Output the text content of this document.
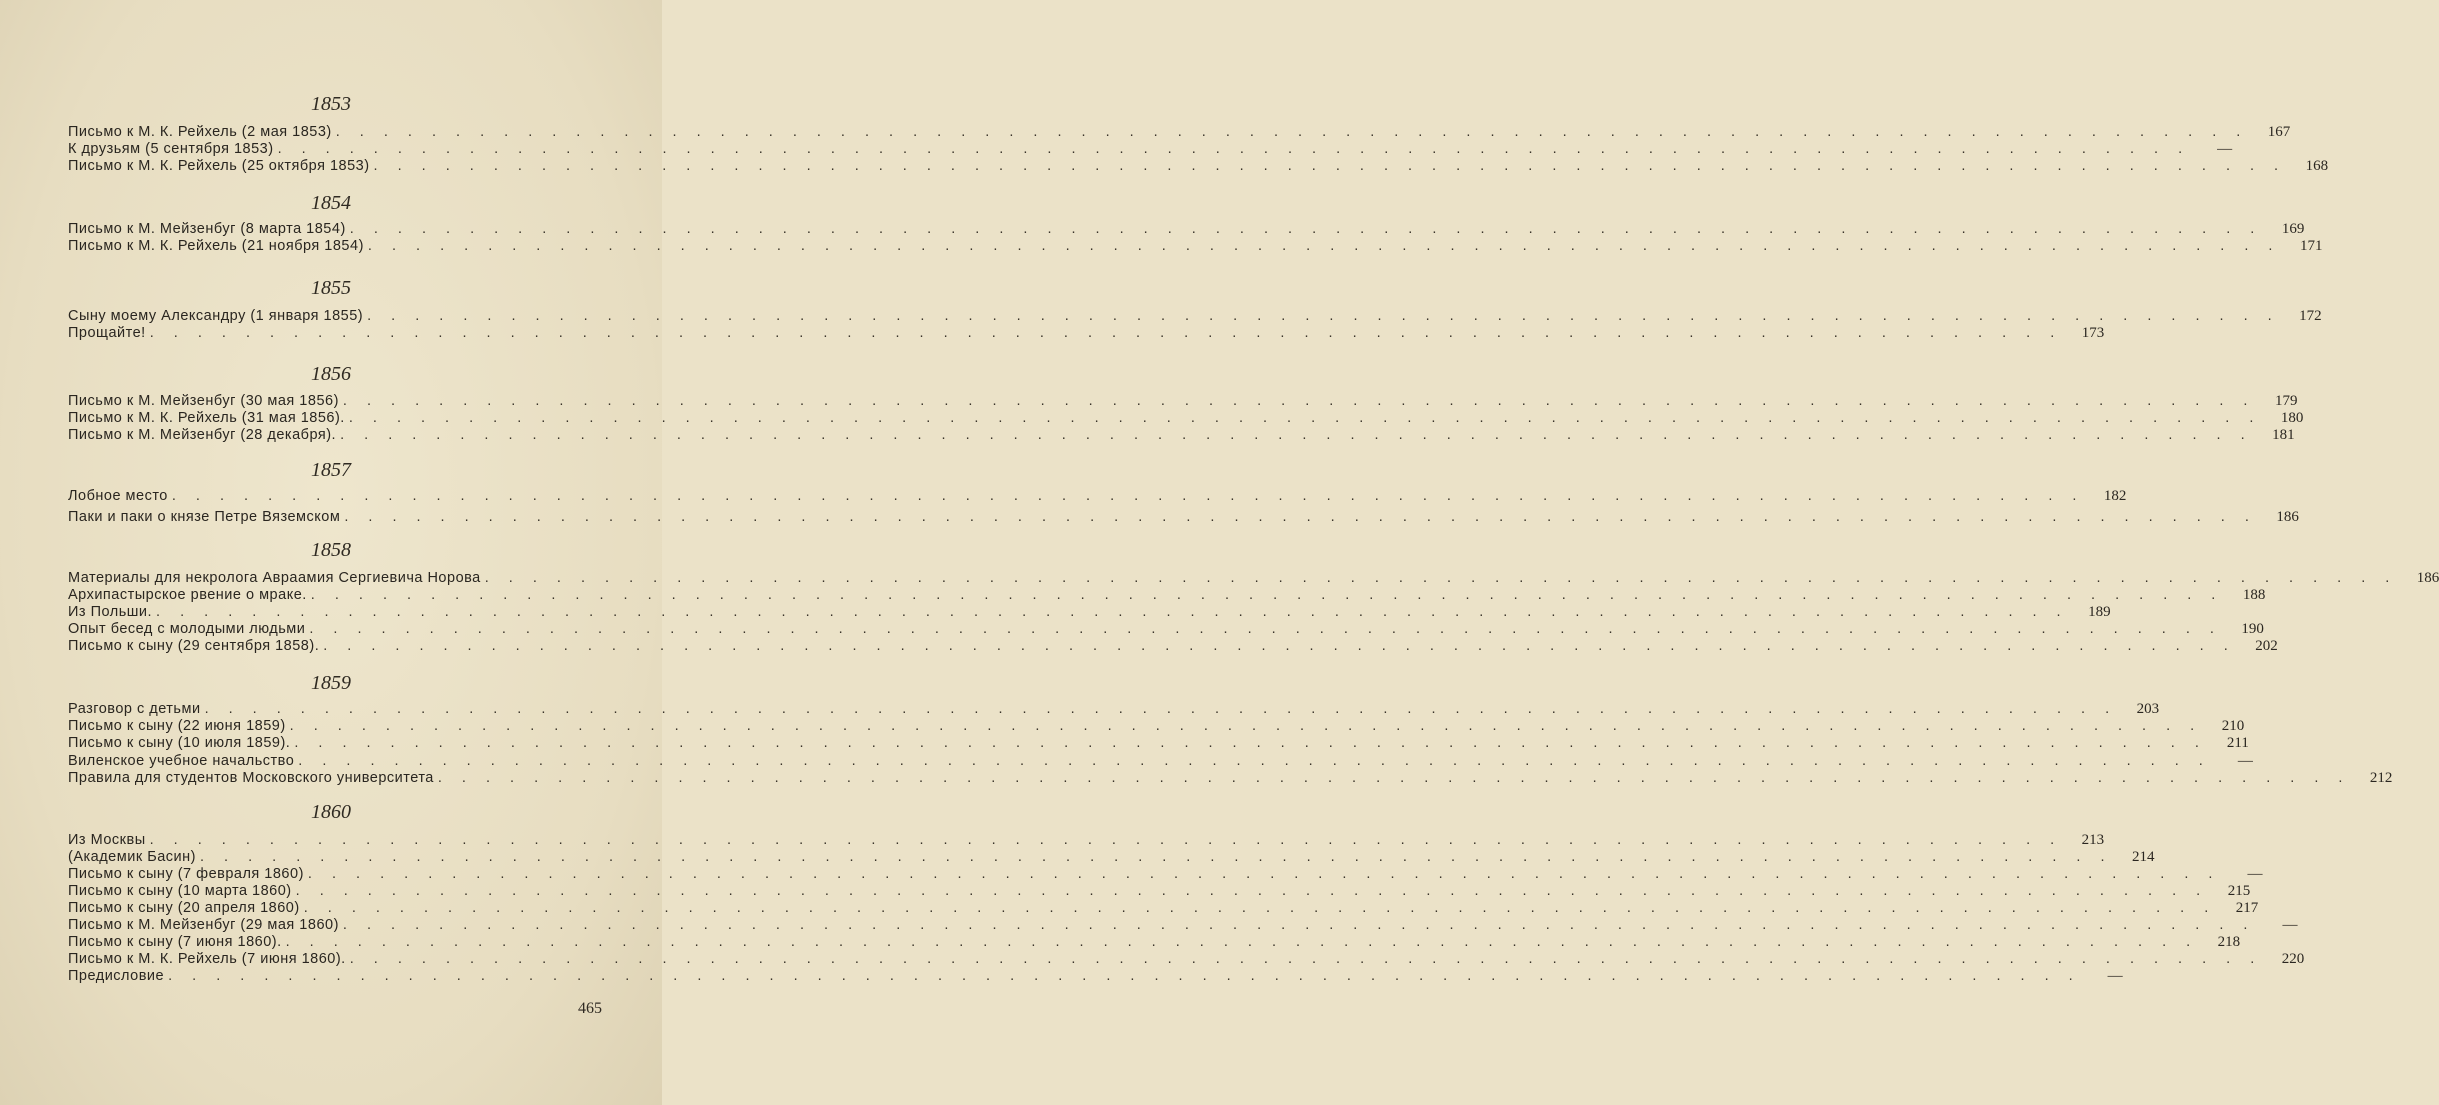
1853
Письмо к М. К. Рейхель (2 мая 1853) . . . . . . . . . . . . . . . . . . . . . . . . . . . . . . . . . . . . . . . . . . . . . . . . . . . . . . . . . . . . . . . . . . . . . . . . . . . . . . . .	167
К друзьям (5 сентября 1853) . . . . . . . . . . . . . . . . . . . . . . . . . . . . . . . . . . . . . . . . . . . . . . . . . . . . . . . . . . . . . . . . . . . . . . . . . . . . . . . .	—
Письмо к М. К. Рейхель (25 октября 1853) . . . . . . . . . . . . . . . . . . . . . . . . . . . . . . . . . . . . . . . . . . . . . . . . . . . . . . . . . . . . . . . . . . . . . . . . . . . . . . . .	168
1854
Письмо к М. Мейзенбуг (8 марта 1854) . . . . . . . . . . . . . . . . . . . . . . . . . . . . . . . . . . . . . . . . . . . . . . . . . . . . . . . . . . . . . . . . . . . . . . . . . . . . . . . .	169
Письмо к М. К. Рейхель (21 ноября 1854) . . . . . . . . . . . . . . . . . . . . . . . . . . . . . . . . . . . . . . . . . . . . . . . . . . . . . . . . . . . . . . . . . . . . . . . . . . . . . . . .	171
1855
Сыну моему Александру (1 января 1855) . . . . . . . . . . . . . . . . . . . . . . . . . . . . . . . . . . . . . . . . . . . . . . . . . . . . . . . . . . . . . . . . . . . . . . . . . . . . . . . .	172
Прощайте! . . . . . . . . . . . . . . . . . . . . . . . . . . . . . . . . . . . . . . . . . . . . . . . . . . . . . . . . . . . . . . . . . . . . . . . . . . . . . . . .	173
1856
Письмо к М. Мейзенбуг (30 мая 1856) . . . . . . . . . . . . . . . . . . . . . . . . . . . . . . . . . . . . . . . . . . . . . . . . . . . . . . . . . . . . . . . . . . . . . . . . . . . . . . . .	179
Письмо к М. К. Рейхель (31 мая 1856). . . . . . . . . . . . . . . . . . . . . . . . . . . . . . . . . . . . . . . . . . . . . . . . . . . . . . . . . . . . . . . . . . . . . . . . . . . . . . . . .	180
Письмо к М. Мейзенбуг (28 декабря). . . . . . . . . . . . . . . . . . . . . . . . . . . . . . . . . . . . . . . . . . . . . . . . . . . . . . . . . . . . . . . . . . . . . . . . . . . . . . . . .	181
1857
Лобное место . . . . . . . . . . . . . . . . . . . . . . . . . . . . . . . . . . . . . . . . . . . . . . . . . . . . . . . . . . . . . . . . . . . . . . . . . . . . . . . .	182
Паки и паки о князе Петре Вяземском . . . . . . . . . . . . . . . . . . . . . . . . . . . . . . . . . . . . . . . . . . . . . . . . . . . . . . . . . . . . . . . . . . . . . . . . . . . . . . . .	186
1858
Материалы для некролога Авраамия Сергиевича Норова . . . . . . . . . . . . . . . . . . . . . . . . . . . . . . . . . . . . . . . . . . . . . . . . . . . . . . . . . . . . . . . . . . . . . . . . . . . . . . . .	186
Архипастырское рвение о мраке. . . . . . . . . . . . . . . . . . . . . . . . . . . . . . . . . . . . . . . . . . . . . . . . . . . . . . . . . . . . . . . . . . . . . . . . . . . . . . . . .	188
Из Польши. . . . . . . . . . . . . . . . . . . . . . . . . . . . . . . . . . . . . . . . . . . . . . . . . . . . . . . . . . . . . . . . . . . . . . . . . . . . . . . . .	189
Опыт бесед с молодыми людьми . . . . . . . . . . . . . . . . . . . . . . . . . . . . . . . . . . . . . . . . . . . . . . . . . . . . . . . . . . . . . . . . . . . . . . . . . . . . . . . .	190
Письмо к сыну (29 сентября 1858). . . . . . . . . . . . . . . . . . . . . . . . . . . . . . . . . . . . . . . . . . . . . . . . . . . . . . . . . . . . . . . . . . . . . . . . . . . . . . . . .	202
1859
Разговор с детьми . . . . . . . . . . . . . . . . . . . . . . . . . . . . . . . . . . . . . . . . . . . . . . . . . . . . . . . . . . . . . . . . . . . . . . . . . . . . . . . .	203
Письмо к сыну (22 июня 1859) . . . . . . . . . . . . . . . . . . . . . . . . . . . . . . . . . . . . . . . . . . . . . . . . . . . . . . . . . . . . . . . . . . . . . . . . . . . . . . . .	210
Письмо к сыну (10 июля 1859). . . . . . . . . . . . . . . . . . . . . . . . . . . . . . . . . . . . . . . . . . . . . . . . . . . . . . . . . . . . . . . . . . . . . . . . . . . . . . . . .	211
Виленское учебное начальство . . . . . . . . . . . . . . . . . . . . . . . . . . . . . . . . . . . . . . . . . . . . . . . . . . . . . . . . . . . . . . . . . . . . . . . . . . . . . . . .	—
Правила для студентов Московского университета . . . . . . . . . . . . . . . . . . . . . . . . . . . . . . . . . . . . . . . . . . . . . . . . . . . . . . . . . . . . . . . . . . . . . . . . . . . . . . . .	212
1860
Из Москвы . . . . . . . . . . . . . . . . . . . . . . . . . . . . . . . . . . . . . . . . . . . . . . . . . . . . . . . . . . . . . . . . . . . . . . . . . . . . . . . .	213
(Академик Басин) . . . . . . . . . . . . . . . . . . . . . . . . . . . . . . . . . . . . . . . . . . . . . . . . . . . . . . . . . . . . . . . . . . . . . . . . . . . . . . . .	214
Письмо к сыну (7 февраля 1860) . . . . . . . . . . . . . . . . . . . . . . . . . . . . . . . . . . . . . . . . . . . . . . . . . . . . . . . . . . . . . . . . . . . . . . . . . . . . . . . .	—
Письмо к сыну (10 марта 1860) . . . . . . . . . . . . . . . . . . . . . . . . . . . . . . . . . . . . . . . . . . . . . . . . . . . . . . . . . . . . . . . . . . . . . . . . . . . . . . . .	215
Письмо к сыну (20 апреля 1860) . . . . . . . . . . . . . . . . . . . . . . . . . . . . . . . . . . . . . . . . . . . . . . . . . . . . . . . . . . . . . . . . . . . . . . . . . . . . . . . .	217
Письмо к М. Мейзенбуг (29 мая 1860) . . . . . . . . . . . . . . . . . . . . . . . . . . . . . . . . . . . . . . . . . . . . . . . . . . . . . . . . . . . . . . . . . . . . . . . . . . . . . . . .	—
Письмо к сыну (7 июня 1860). . . . . . . . . . . . . . . . . . . . . . . . . . . . . . . . . . . . . . . . . . . . . . . . . . . . . . . . . . . . . . . . . . . . . . . . . . . . . . . . .	218
Письмо к М. К. Рейхель (7 июня 1860). . . . . . . . . . . . . . . . . . . . . . . . . . . . . . . . . . . . . . . . . . . . . . . . . . . . . . . . . . . . . . . . . . . . . . . . . . . . . . . . .	220
Предисловие . . . . . . . . . . . . . . . . . . . . . . . . . . . . . . . . . . . . . . . . . . . . . . . . . . . . . . . . . . . . . . . . . . . . . . . . . . . . . . . .	—
465
